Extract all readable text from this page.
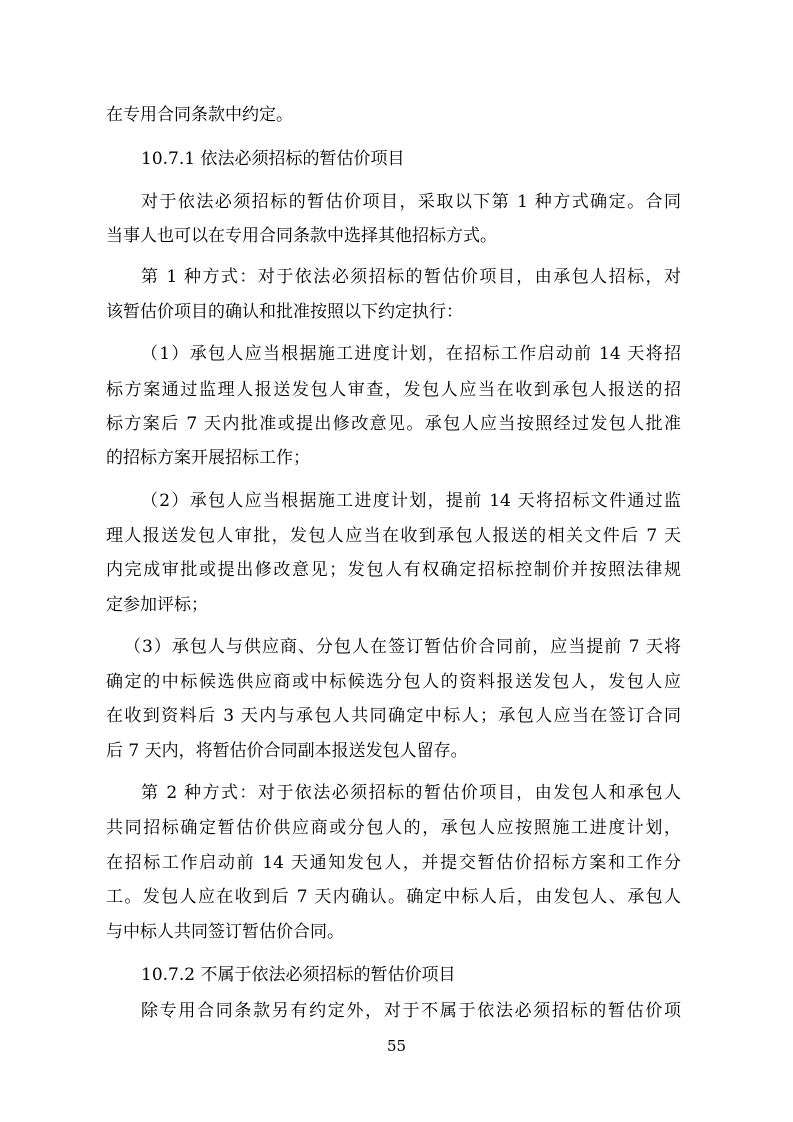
在专用合同条款中约定。
10.7.1 依法必须招标的暂估价项目
对于依法必须招标的暂估价项目，采取以下第 1 种方式确定。合同
当事人也可以在专用合同条款中选择其他招标方式。
第 1 种方式：对于依法必须招标的暂估价项目，由承包人招标，对
该暂估价项目的确认和批准按照以下约定执行：
（1）承包人应当根据施工进度计划，在招标工作启动前 14 天将招
标方案通过监理人报送发包人审查，发包人应当在收到承包人报送的招
标方案后 7 天内批准或提出修改意见。承包人应当按照经过发包人批准
的招标方案开展招标工作；
（2）承包人应当根据施工进度计划，提前 14 天将招标文件通过监
理人报送发包人审批，发包人应当在收到承包人报送的相关文件后 7 天
内完成审批或提出修改意见；发包人有权确定招标控制价并按照法律规
定参加评标；
（3）承包人与供应商、分包人在签订暂估价合同前，应当提前 7 天将
确定的中标候选供应商或中标候选分包人的资料报送发包人，发包人应
在收到资料后 3 天内与承包人共同确定中标人；承包人应当在签订合同
后 7 天内，将暂估价合同副本报送发包人留存。
第 2 种方式：对于依法必须招标的暂估价项目，由发包人和承包人
共同招标确定暂估价供应商或分包人的，承包人应按照施工进度计划，
在招标工作启动前 14 天通知发包人，并提交暂估价招标方案和工作分
工。发包人应在收到后 7 天内确认。确定中标人后，由发包人、承包人
与中标人共同签订暂估价合同。
10.7.2 不属于依法必须招标的暂估价项目
除专用合同条款另有约定外，对于不属于依法必须招标的暂估价项
55
